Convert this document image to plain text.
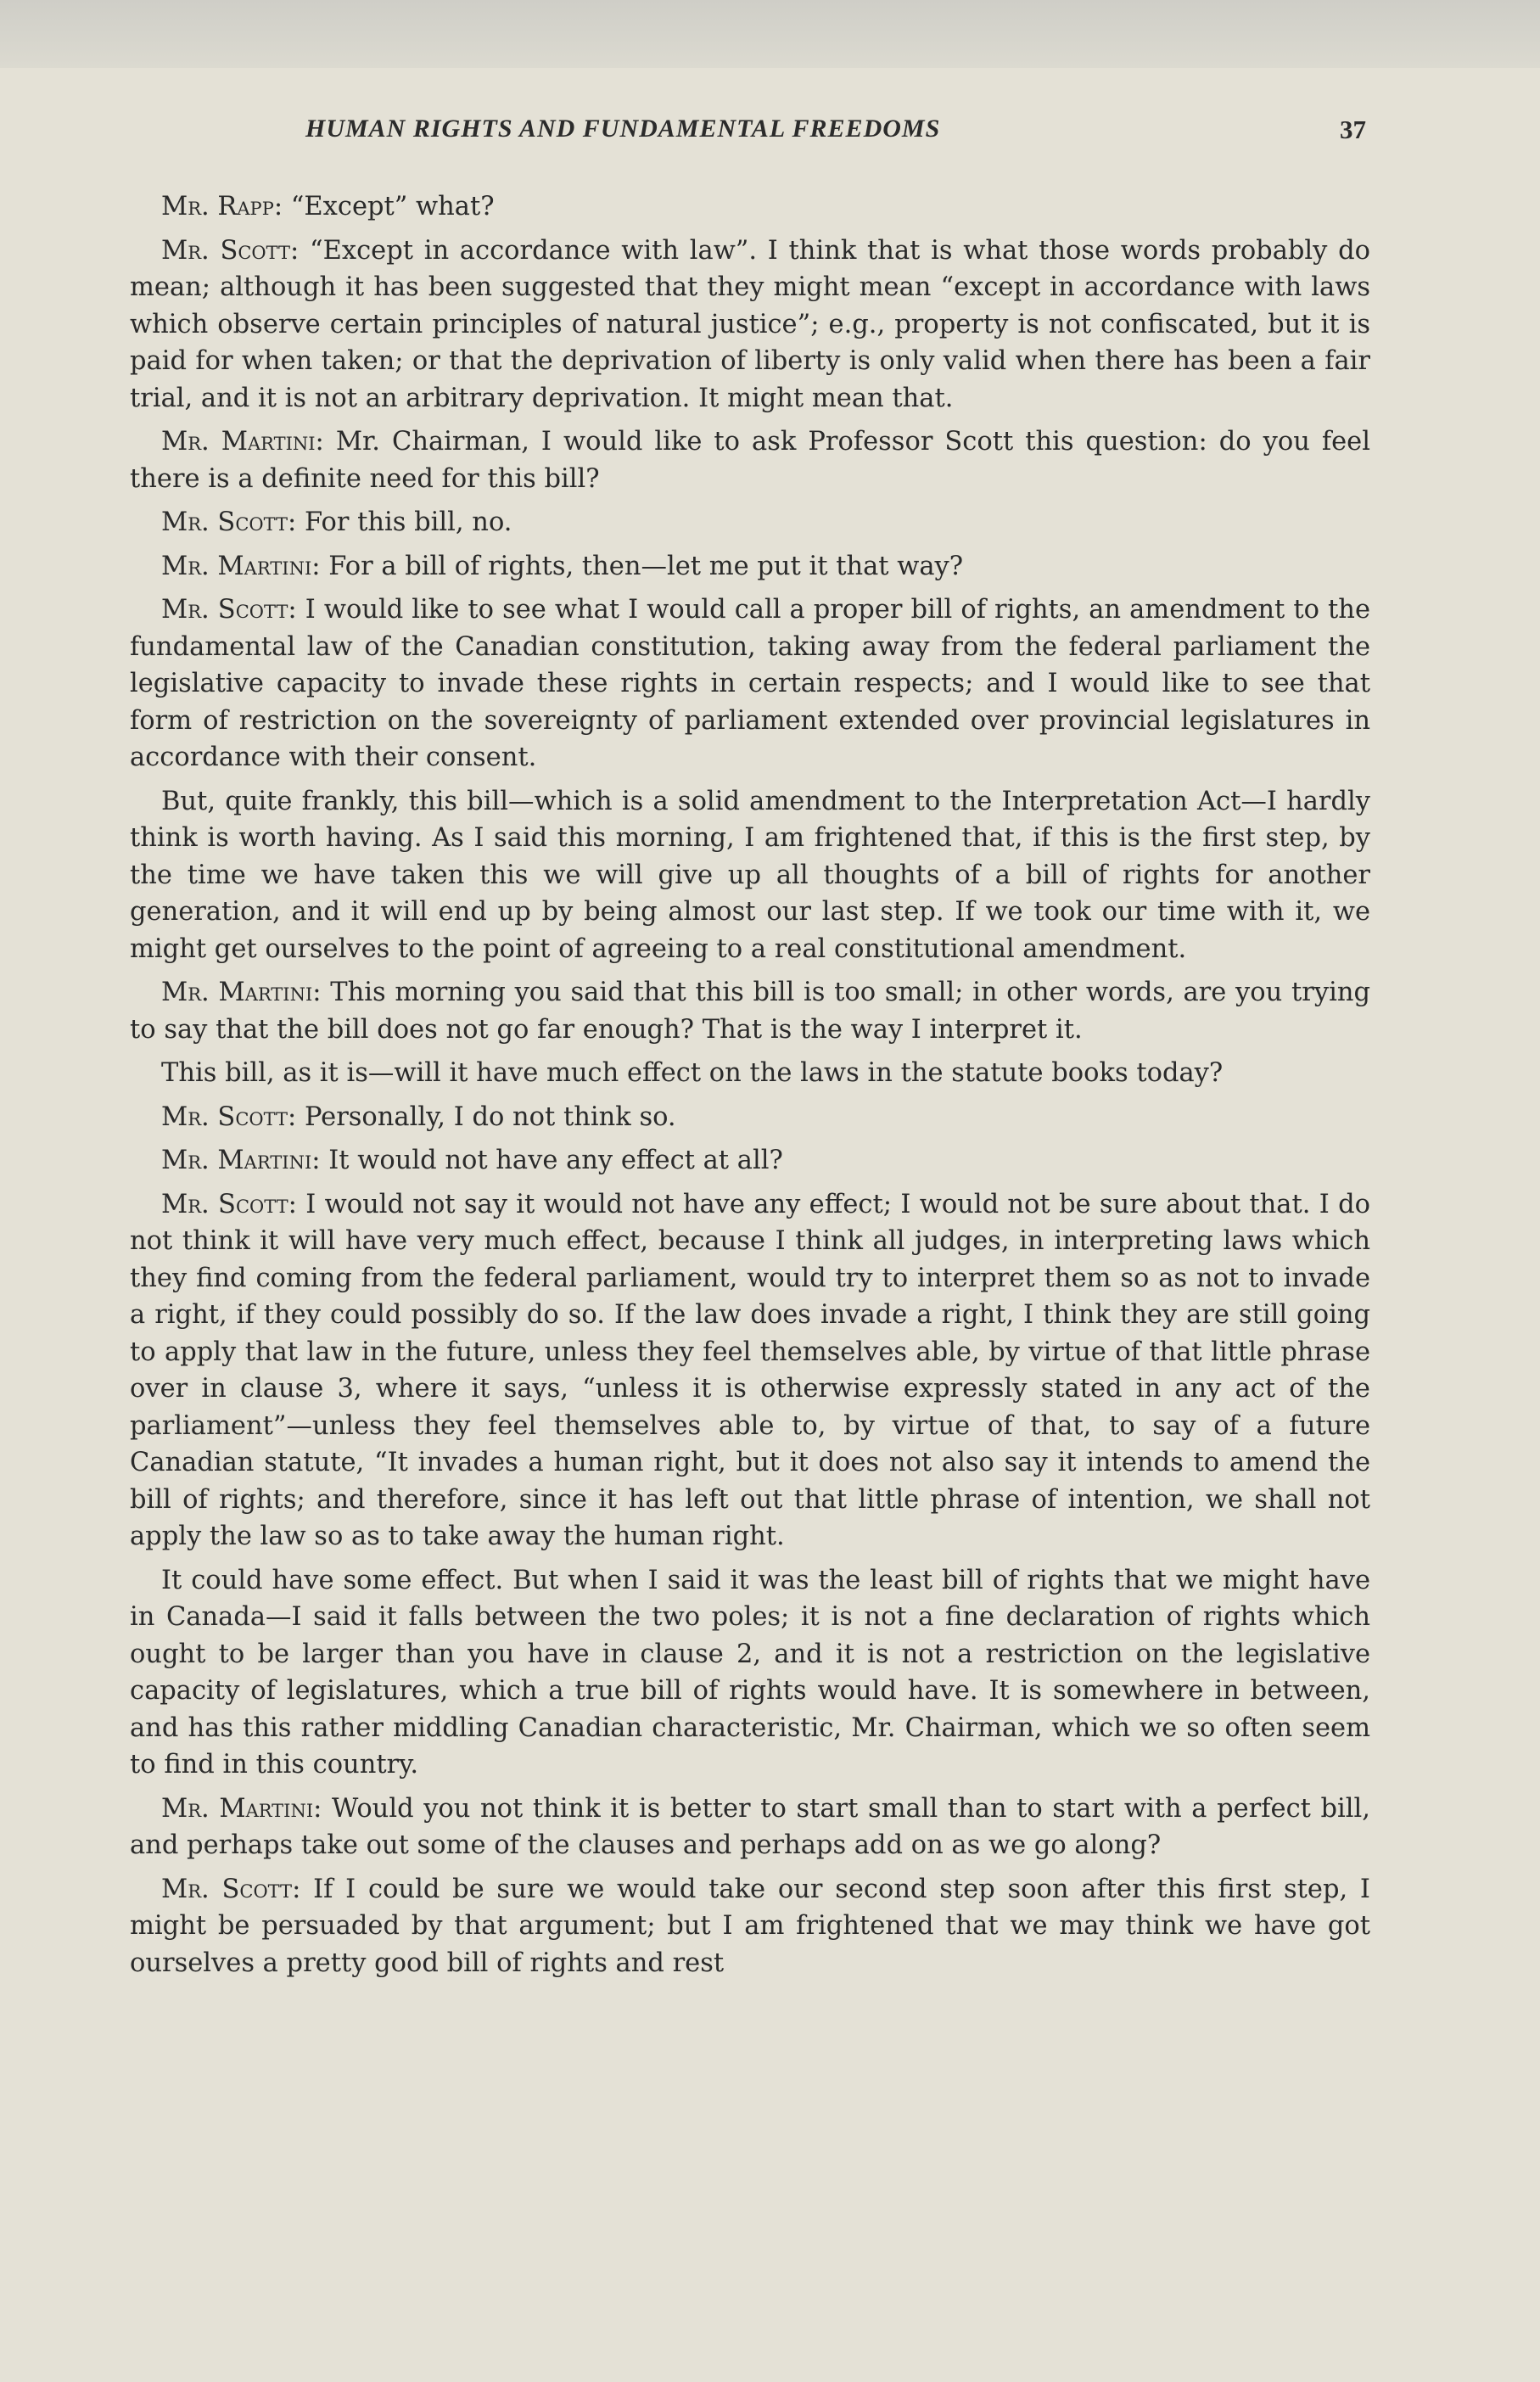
HUMAN RIGHTS AND FUNDAMENTAL FREEDOMS	37

Mr. Rapp: “Except” what?

Mr. Scott: “Except in accordance with law”. I think that is what those words probably do mean; although it has been suggested that they might mean “except in accordance with laws which observe certain principles of natural justice”; e.g., property is not confiscated, but it is paid for when taken; or that the deprivation of liberty is only valid when there has been a fair trial, and it is not an arbitrary deprivation. It might mean that.

Mr. Martini: Mr. Chairman, I would like to ask Professor Scott this question: do you feel there is a definite need for this bill?

Mr. Scott: For this bill, no.

Mr. Martini: For a bill of rights, then—let me put it that way?

Mr. Scott: I would like to see what I would call a proper bill of rights, an amendment to the fundamental law of the Canadian constitution, taking away from the federal parliament the legislative capacity to invade these rights in certain respects; and I would like to see that form of restriction on the sovereignty of parliament extended over provincial legislatures in accordance with their consent.

But, quite frankly, this bill—which is a solid amendment to the Interpretation Act—I hardly think is worth having. As I said this morning, I am frightened that, if this is the first step, by the time we have taken this we will give up all thoughts of a bill of rights for another generation, and it will end up by being almost our last step. If we took our time with it, we might get ourselves to the point of agreeing to a real constitutional amendment.

Mr. Martini: This morning you said that this bill is too small; in other words, are you trying to say that the bill does not go far enough? That is the way I interpret it.

This bill, as it is—will it have much effect on the laws in the statute books today?

Mr. Scott: Personally, I do not think so.

Mr. Martini: It would not have any effect at all?

Mr. Scott: I would not say it would not have any effect; I would not be sure about that. I do not think it will have very much effect, because I think all judges, in interpreting laws which they find coming from the federal parliament, would try to interpret them so as not to invade a right, if they could possibly do so. If the law does invade a right, I think they are still going to apply that law in the future, unless they feel themselves able, by virtue of that little phrase over in clause 3, where it says, “unless it is otherwise expressly stated in any act of the parliament”—unless they feel themselves able to, by virtue of that, to say of a future Canadian statute, “It invades a human right, but it does not also say it intends to amend the bill of rights; and therefore, since it has left out that little phrase of intention, we shall not apply the law so as to take away the human right.

It could have some effect. But when I said it was the least bill of rights that we might have in Canada—I said it falls between the two poles; it is not a fine declaration of rights which ought to be larger than you have in clause 2, and it is not a restriction on the legislative capacity of legislatures, which a true bill of rights would have. It is somewhere in between, and has this rather middling Canadian characteristic, Mr. Chairman, which we so often seem to find in this country.

Mr. Martini: Would you not think it is better to start small than to start with a perfect bill, and perhaps take out some of the clauses and perhaps add on as we go along?

Mr. Scott: If I could be sure we would take our second step soon after this first step, I might be persuaded by that argument; but I am frightened that we may think we have got ourselves a pretty good bill of rights and rest
